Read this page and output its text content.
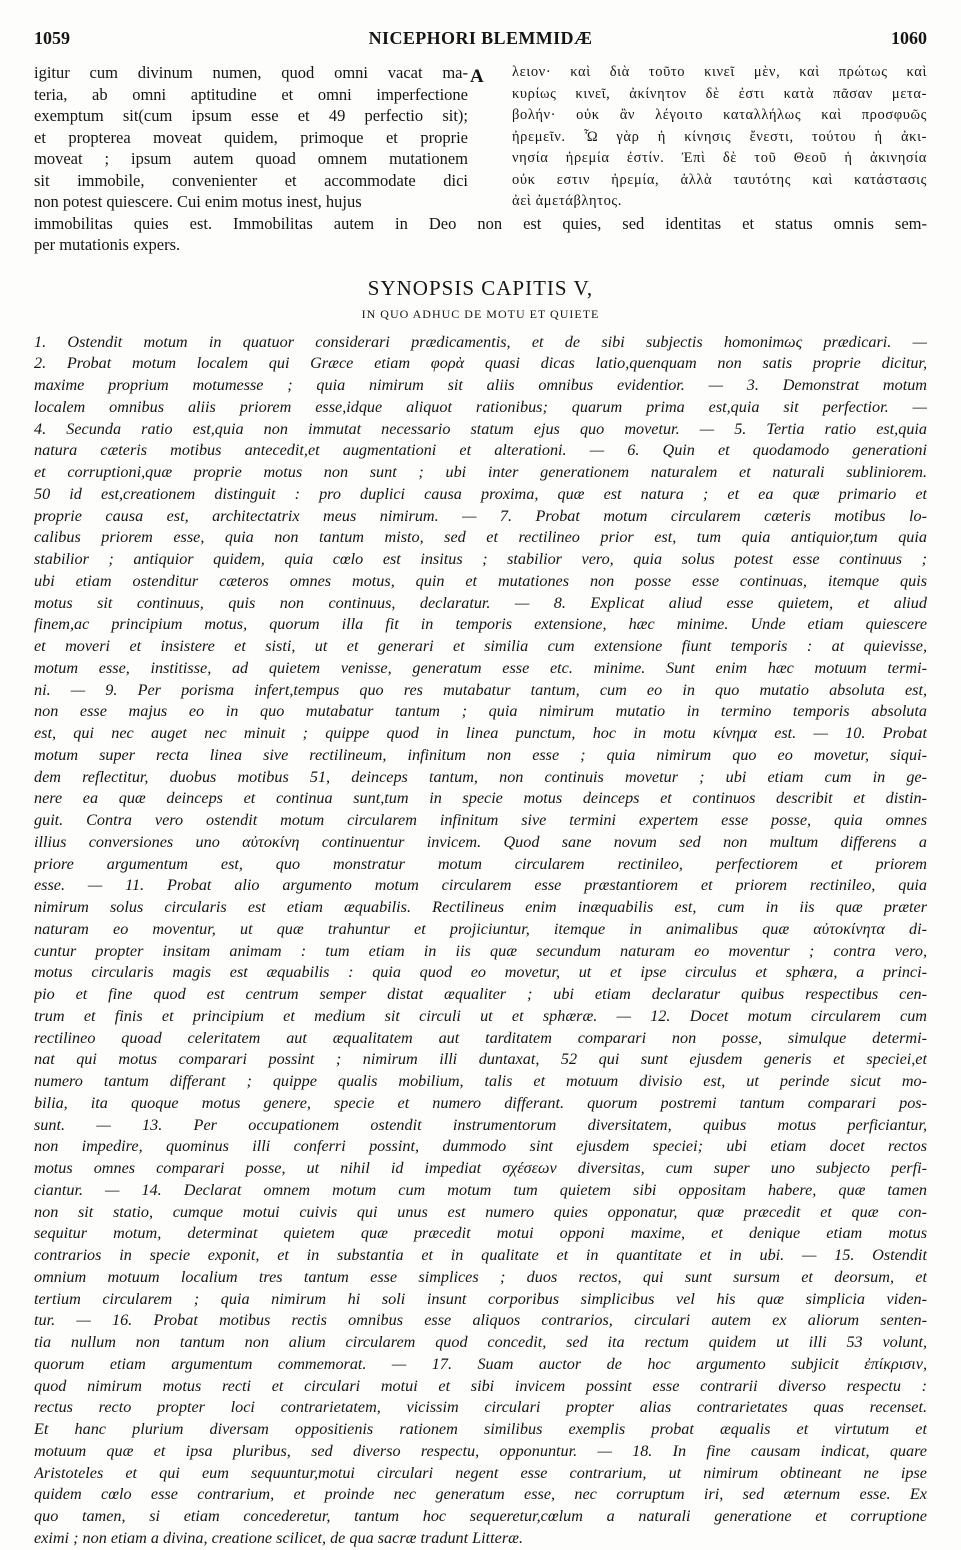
1059	NICEPHORI BLEMMIDÆ	1060
igitur cum divinum numen, quod omni vacat ma-
teria, ab omni aptitudine et omni imperfectione
exemptum sit(cum ipsum esse et 49 perfectio sit);
et propterea moveat quidem, primoque et proprie
moveat ; ipsum autem quoad omnem mutationem
sit immobile, convenienter et accommodate dici
non potest quiescere. Cui enim motus inest, hujus
A λειον· καὶ διὰ τοῦτο κινεῖ μὲν, καὶ πρώτως καὶ
κυρίως κινεῖ, ἀκίνητον δὲ ἐστι κατὰ πᾶσαν μετα-
βολήν· οὐκ ἂν λέγοιτο καταλλήλως καὶ προσφυῶς
ἠρεμεῖν. Ὧ γὰρ ἡ κίνησις ἔνεστι, τούτου ἡ ἀκι-
νησία ἠρεμία ἐστίν. Ἐπὶ δὲ τοῦ Θεοῦ ἡ ἀκινησία
οὐκ εστιν ἠρεμία, ἀλλὰ ταυτότης καὶ κατάστασις
ἀεὶ ἀμετάβλητος.
immobilitas quies est. Immobilitas autem in Deo non est quies, sed identitas et status omnis sem-
per mutationis expers.
SYNOPSIS CAPITIS V,
IN QUO ADHUC DE MOTU ET QUIETE
1. Ostendit motum in quatuor considerari prædicamentis, et de sibi subjectis homonimως prædicari. —
2. Probat motum localem qui Græce etiam φορὰ quasi dicas latio,quenquam non satis proprie dicitur,
maxime proprium motumesse ; quia nimirum sit aliis omnibus evidentior. — 3. Demonstrat motum
localem omnibus aliis priorem esse,idque aliquot rationibus; quarum prima est,quia sit perfectior. —
4. Secunda ratio est,quia non immutat necessario statum ejus quo movetur. — 5. Tertia ratio est,quia
natura cæteris motibus antecedit,et augmentationi et alterationi. — 6. Quin et quodamodo generationi
et corruptioni,quæ proprie motus non sunt ; ubi inter generationem naturalem et naturali subliniorem.
50 id est,creationem distinguit : pro duplici causa proxima, quæ est natura ; et ea quæ primario et
proprie causa est, architectatrix meus nimirum. — 7. Probat motum circularem cæteris motibus lo-
calibus priorem esse, quia non tantum misto, sed et rectilineo prior est, tum quia antiquior,tum quia
stabilior ; antiquior quidem, quia cœlo est insitus ; stabilior vero, quia solus potest esse continuus ;
ubi etiam ostenditur cæteros omnes motus, quin et mutationes non posse esse continuas, itemque quis
motus sit continuus, quis non continuus, declaratur. — 8. Explicat aliud esse quietem, et aliud
finem,ac principium motus, quorum illa fit in temporis extensione, hæc minime. Unde etiam quiescere
et moveri et insistere et sisti, ut et generari et similia cum extensione fiunt temporis : at quievisse,
motum esse, institisse, ad quietem venisse, generatum esse etc. minime. Sunt enim hæc motuum termi-
ni. — 9. Per porisma infert,tempus quo res mutabatur tantum, cum eo in quo mutatio absoluta est,
non esse majus eo in quo mutabatur tantum ; quia nimirum mutatio in termino temporis absoluta
est, qui nec auget nec minuit ; quippe quod in linea punctum, hoc in motu κίνημα est. — 10. Probat
motum super recta linea sive rectilineum, infinitum non esse ; quia nimirum quo eo movetur, siqui-
dem reflectitur, duobus motibus 51, deinceps tantum, non continuis movetur ; ubi etiam cum in ge-
nere ea quæ deinceps et continua sunt,tum in specie motus deinceps et continuos describit et distin-
guit. Contra vero ostendit motum circularem infinitum sive termini expertem esse posse, quia omnes
illius conversiones uno αὐτοκίνη continuentur invicem. Quod sane novum sed non multum differens a
priore argumentum est, quo monstratur motum circularem rectinileo, perfectiorem et priorem
esse. — 11. Probat alio argumento motum circularem esse præstantiorem et priorem rectinileo, quia
nimirum solus circularis est etiam æquabilis. Rectilineus enim inæquabilis est, cum in iis quæ præter
naturam eo moventur, ut quæ trahuntur et projiciuntur, itemque in animalibus quæ αὐτοκίνητα di-
cuntur propter insitam animam : tum etiam in iis quæ secundum naturam eo moventur ; contra vero,
motus circularis magis est æquabilis : quia quod eo movetur, ut et ipse circulus et sphæra, a princi-
pio et fine quod est centrum semper distat æqualiter ; ubi etiam declaratur quibus respectibus cen-
trum et finis et principium et medium sit circuli ut et sphæræ. — 12. Docet motum circularem cum
rectilineo quoad celeritatem aut æqualitatem aut tarditatem comparari non posse, simulque determi-
nat qui motus comparari possint ; nimirum illi duntaxat, 52 qui sunt ejusdem generis et speciei,et
numero tantum differant ; quippe qualis mobilium, talis et motuum divisio est, ut perinde sicut mo-
bilia, ita quoque motus genere, specie et numero differant. quorum postremi tantum comparari pos-
sunt. — 13. Per occupationem ostendit instrumentorum diversitatem, quibus motus perficiantur,
non impedire, quominus illi conferri possint, dummodo sint ejusdem speciei; ubi etiam docet rectos
motus omnes comparari posse, ut nihil id impediat σχέσεων diversitas, cum super uno subjecto perfi-
ciantur. — 14. Declarat omnem motum cum motum tum quietem sibi oppositam habere, quæ tamen
non sit statio, cumque motui cuivis qui unus est numero quies opponatur, quæ præcedit et quæ con-
sequitur motum, determinat quietem quæ præcedit motui opponi maxime, et denique etiam motus
contrarios in specie exponit, et in substantia et in qualitate et in quantitate et in ubi. — 15. Ostendit
omnium motuum localium tres tantum esse simplices ; duos rectos, qui sunt sursum et deorsum, et
tertium circularem ; quia nimirum hi soli insunt corporibus simplicibus vel his quæ simplicia viden-
tur. — 16. Probat motibus rectis omnibus esse aliquos contrarios, circulari autem ex aliorum senten-
tia nullum non tantum non alium circularem quod concedit, sed ita rectum quidem ut illi 53 volunt,
quorum etiam argumentum commemorat. — 17. Suam auctor de hoc argumento subjicit ἐπίκρισιν,
quod nimirum motus recti et circulari motui et sibi invicem possint esse contrarii diverso respectu :
rectus recto propter loci contrarietatem, vicissim circulari propter alias contrarietates quas recenset.
Et hanc plurium diversam oppositienis rationem similibus exemplis probat æqualis et virtutum et
motuum quæ et ipsa pluribus, sed diverso respectu, opponuntur. — 18. In fine causam indicat, quare
Aristoteles et qui eum sequuntur,motui circulari negent esse contrarium, ut nimirum obtineant ne ipse
quidem cœlo esse contrarium, et proinde nec generatum esse, nec corruptum iri, sed æternum esse. Ex
quo tamen, si etiam concederetur, tantum hoc sequeretur,cœlum a naturali generatione et corruptione
eximi ; non etiam a divina, creatione scilicet, de qua sacræ tradunt Litteræ.
